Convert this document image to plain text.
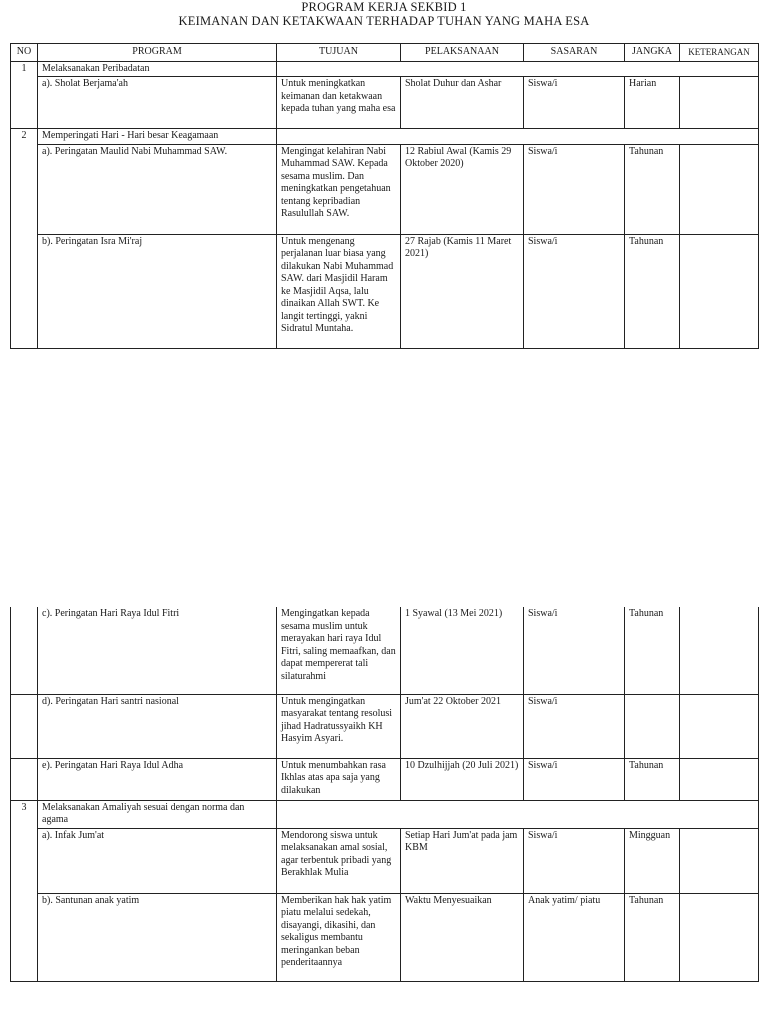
PROGRAM KERJA SEKBID 1
KEIMANAN DAN KETAKWAAN TERHADAP TUHAN YANG MAHA ESA
NO	PROGRAM	TUJUAN	PELAKSANAAN	SASARAN	JANGKA	KETERANGAN
1	Melaksanakan Peribadatan					
	a). Sholat Berjama'ah	Untuk meningkatkan keimanan dan ketakwaan kepada tuhan yang maha esa	Sholat Duhur dan Ashar	Siswa/i	Harian	
2	Memperingati Hari - Hari besar Keagamaan					
	a). Peringatan Maulid Nabi Muhammad SAW.	Mengingat kelahiran Nabi Muhammad SAW. Kepada sesama muslim. Dan meningkatkan pengetahuan tentang kepribadian Rasulullah SAW.	12 Rabiul Awal (Kamis 29 Oktober 2020)	Siswa/i	Tahunan	
	b). Peringatan Isra Mi'raj	Untuk mengenang perjalanan luar biasa yang dilakukan Nabi Muhammad SAW. dari Masjidil Haram ke Masjidil Aqsa, lalu dinaikan Allah SWT. Ke langit tertinggi, yakni Sidratul Muntaha.	27 Rajab (Kamis 11 Maret 2021)	Siswa/i	Tahunan	
	c). Peringatan Hari Raya Idul Fitri	Mengingatkan kepada sesama muslim untuk merayakan hari raya Idul Fitri, saling memaafkan, dan dapat mempererat tali silaturahmi	1 Syawal (13 Mei 2021)	Siswa/i	Tahunan	
	d). Peringatan Hari santri nasional	Untuk mengingatkan masyarakat tentang resolusi jihad Hadratussyaikh KH Hasyim Asyari.	Jum'at 22 Oktober 2021	Siswa/i		
	e). Peringatan Hari Raya Idul Adha	Untuk menumbahkan rasa Ikhlas atas apa saja yang dilakukan	10 Dzulhijjah (20 Juli 2021)	Siswa/i	Tahunan	
3	Melaksanakan Amaliyah sesuai dengan norma dan agama					
	a). Infak Jum'at	Mendorong siswa untuk melaksanakan amal sosial, agar terbentuk pribadi yang Berakhlak Mulia	Setiap Hari Jum'at pada jam KBM	Siswa/i	Mingguan	
	b). Santunan anak yatim	Memberikan hak hak yatim piatu melalui sedekah, disayangi, dikasihi, dan sekaligus membantu meringankan beban penderitaannya	Waktu Menyesuaikan	Anak yatim/ piatu	Tahunan	
